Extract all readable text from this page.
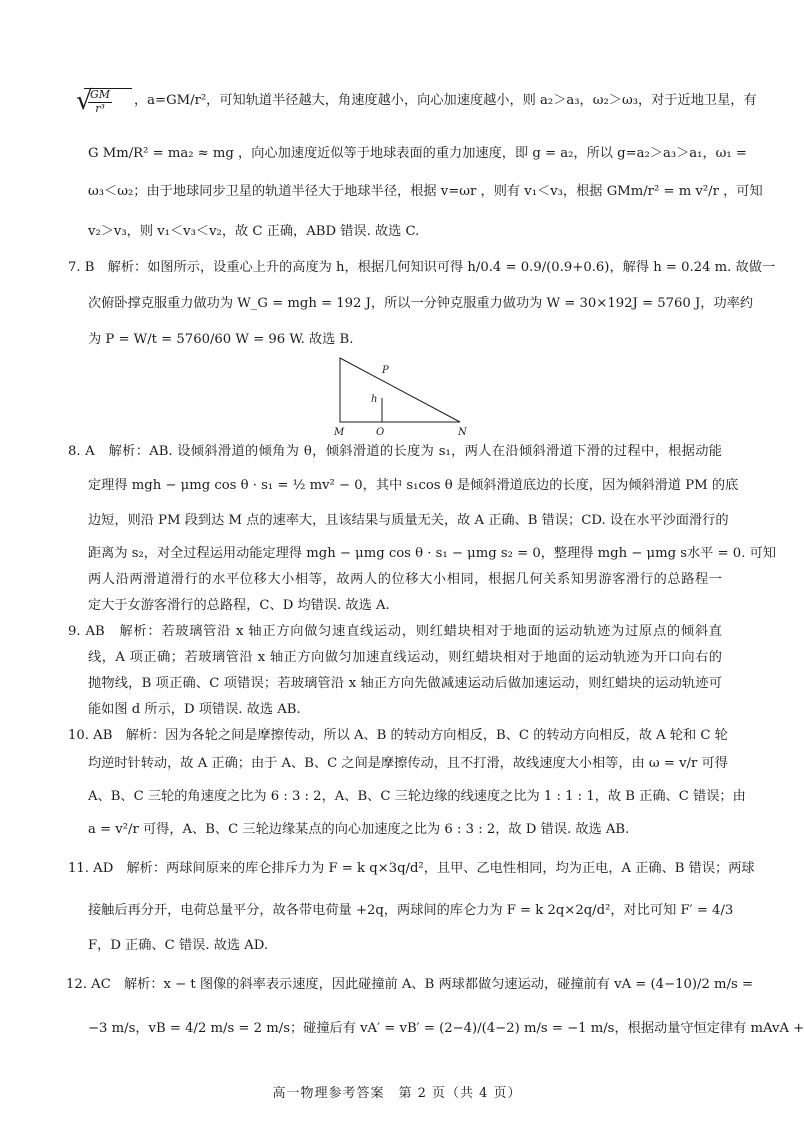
√
$\frac{GM}{\text{r³}}$ ，a=GM/r²，可知轨道半径越大，角速度越小，向心加速度越小，则 a₂＞a₃，ω₂＞ω₃，对于近地卫星，有
G Mm/R² = ma₂ ≈ mg ，向心加速度近似等于地球表面的重力加速度，即 g = a₂，所以 g=a₂＞a₃＞a₁，ω₁ =
ω₃＜ω₂；由于地球同步卫星的轨道半径大于地球半径，根据 v=ωr ，则有 v₁＜v₃，根据 GMm/r² = m v²/r ，可知
v₂＞v₃，则 v₁＜v₃＜v₂，故 C 正确，ABD 错误. 故选 C.
7. B　解析：如图所示，设重心上升的高度为 h，根据几何知识可得 h/0.4 = 0.9/(0.9+0.6)，解得 h = 0.24 m. 故做一
次俯卧撑克服重力做功为 W_G = mgh = 192 J，所以一分钟克服重力做功为 W = 30×192J = 5760 J，功率约
为 P = W/t = 5760/60 W = 96 W. 故选 B.
8. A　解析：AB. 设倾斜滑道的倾角为 θ，倾斜滑道的长度为 s₁，两人在沿倾斜滑道下滑的过程中，根据动能
定理得 mgh − μmg cos θ · s₁ = ½ mv² − 0，其中 s₁cos θ 是倾斜滑道底边的长度，因为倾斜滑道 PM 的底
边短，则沿 PM 段到达 M 点的速率大，且该结果与质量无关，故 A 正确、B 错误；CD. 设在水平沙面滑行的
距离为 s₂，对全过程运用动能定理得 mgh − μmg cos θ · s₁ − μmg s₂ = 0，整理得 mgh − μmg s水平 = 0. 可知
两人沿两滑道滑行的水平位移大小相等，故两人的位移大小相同，根据几何关系知男游客滑行的总路程一
定大于女游客滑行的总路程，C、D 均错误. 故选 A.
9. AB　解析：若玻璃管沿 x 轴正方向做匀速直线运动，则红蜡块相对于地面的运动轨迹为过原点的倾斜直
线，A 项正确；若玻璃管沿 x 轴正方向做匀加速直线运动，则红蜡块相对于地面的运动轨迹为开口向右的
抛物线，B 项正确、C 项错误；若玻璃管沿 x 轴正方向先做减速运动后做加速运动，则红蜡块的运动轨迹可
能如图 d 所示，D 项错误. 故选 AB.
10. AB　解析：因为各轮之间是摩擦传动，所以 A、B 的转动方向相反，B、C 的转动方向相反，故 A 轮和 C 轮
均逆时针转动，故 A 正确；由于 A、B、C 之间是摩擦传动，且不打滑，故线速度大小相等，由 ω = v/r 可得
A、B、C 三轮的角速度之比为 6 : 3 : 2，A、B、C 三轮边缘的线速度之比为 1 : 1 : 1，故 B 正确、C 错误；由
a = v²/r 可得，A、B、C 三轮边缘某点的向心加速度之比为 6 : 3 : 2，故 D 错误. 故选 AB.
11. AD　解析：两球间原来的库仑排斥力为 F = k q×3q/d²，且甲、乙电性相同，均为正电，A 正确、B 错误；两球
接触后再分开，电荷总量平分，故各带电荷量 +2q，两球间的库仑力为 F = k 2q×2q/d²，对比可知 F′ = 4/3
F，D 正确、C 错误. 故选 AD.
12. AC　解析：x − t 图像的斜率表示速度，因此碰撞前 A、B 两球都做匀速运动，碰撞前有 vA = (4−10)/2 m/s =
−3 m/s，vB = 4/2 m/s = 2 m/s；碰撞后有 vA′ = vB′ = (2−4)/(4−2) m/s = −1 m/s，根据动量守恒定律有 mAvA +
P
h
M	O	N
高一物理参考答案　第 2 页（共 4 页）
